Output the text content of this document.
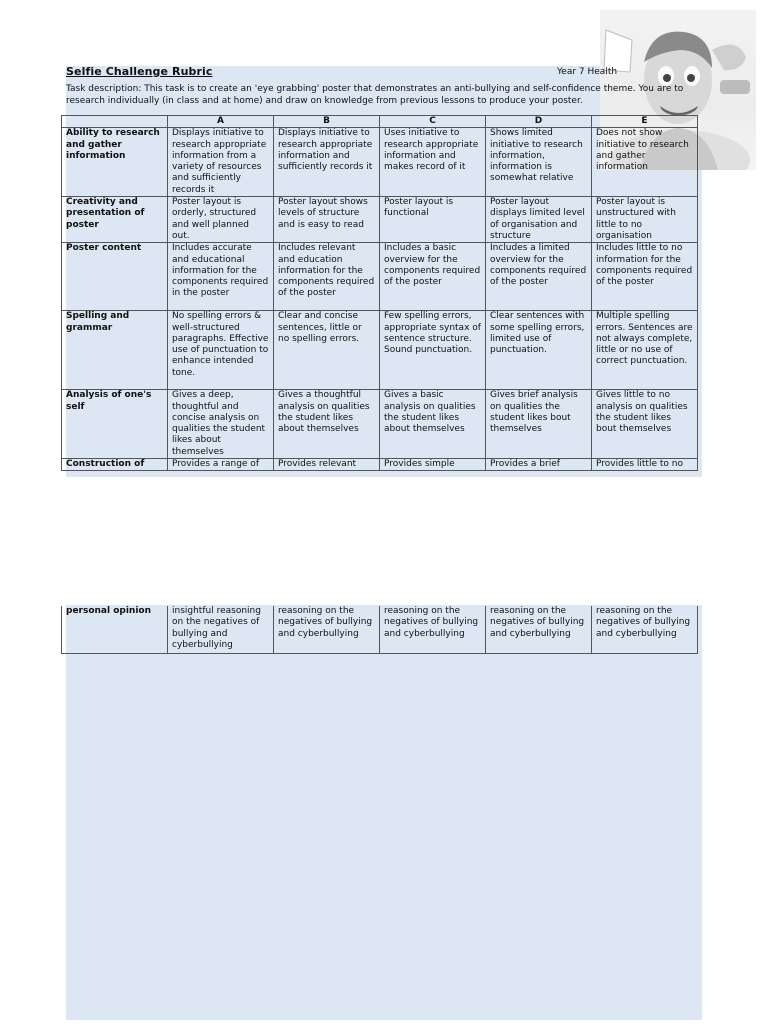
Selfie Challenge Rubric	Year 7 Health
Task description: This task is to create an 'eye grabbing' poster that demonstrates an anti-bullying and self-confidence theme. You are to research individually (in class and at home) and draw on knowledge from previous lessons to produce your poster.
	A	B	C	D	E
Ability to research and gather information	Displays initiative to research appropriate information from a variety of resources and sufficiently records it	Displays initiative to research appropriate information and sufficiently records it	Uses initiative to research appropriate information and makes record of it	Shows limited initiative to research information, information is somewhat relative	Does not show initiative to research and gather information
Creativity and presentation of poster	Poster layout is orderly, structured and well planned out.	Poster layout shows levels of structure and is easy to read	Poster layout is functional	Poster layout displays limited level of organisation and structure	Poster layout is unstructured with little to no organisation
Poster content	Includes accurate and educational information for the components required in the poster	Includes relevant and education information for the components required of the poster	Includes a basic overview for the components required of the poster	Includes a limited overview for the components required of the poster	Includes little to no information for the components required of the poster
Spelling and grammar	No spelling errors & well-structured paragraphs. Effective use of punctuation to enhance intended tone.	Clear and concise sentences, little or no spelling errors.	Few spelling errors, appropriate syntax of sentence structure. Sound punctuation.	Clear sentences with some spelling errors, limited use of punctuation.	Multiple spelling errors. Sentences are not always complete, little or no use of correct punctuation.
Analysis of one's self	Gives a deep, thoughtful and concise analysis on qualities the student likes about themselves	Gives a thoughtful analysis on qualities the student likes about themselves	Gives a basic analysis on qualities the student likes about themselves	Gives brief analysis on qualities the student likes bout themselves	Gives little to no analysis on qualities the student likes bout themselves
Construction of	Provides a range of	Provides relevant	Provides simple	Provides a brief	Provides little to no
personal opinion	insightful reasoning on the negatives of bullying and cyberbullying	reasoning on the negatives of bullying and cyberbullying	reasoning on the negatives of bullying and cyberbullying	reasoning on the negatives of bullying and cyberbullying	reasoning on the negatives of bullying and cyberbullying
